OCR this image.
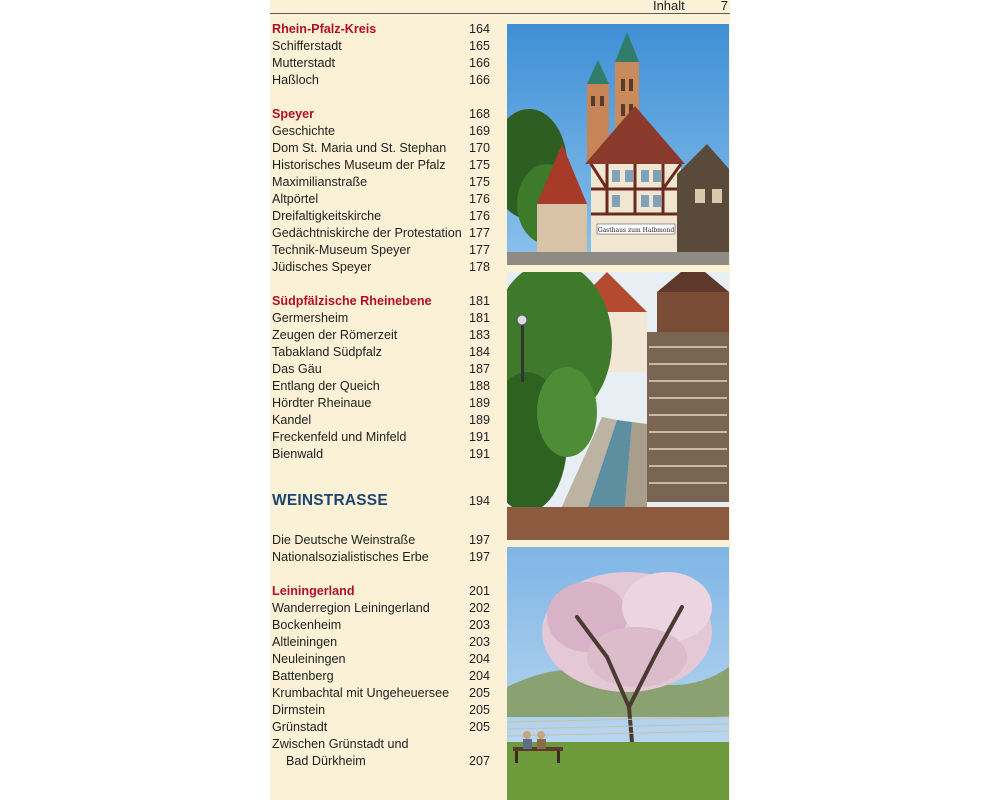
Inhalt	7
Rhein-Pfalz-Kreis	164
Schifferstadt	165
Mutterstadt	166
Haßloch	166
Speyer	168
Geschichte	169
Dom St. Maria und St. Stephan 170
Historisches Museum der Pfalz 175
Maximilianstraße	175
Altpörtel	176
Dreifaltigkeitskirche	176
Gedächtniskirche der Protestation 177
Technik-Museum Speyer	177
Jüdisches Speyer	178
Südpfälzische Rheinebene	181
Germersheim	181
Zeugen der Römerzeit	183
Tabakland Südpfalz	184
Das Gäu	187
Entlang der Queich	188
Hördter Rheinaue	189
Kandel	189
Freckenfeld und Minfeld	191
Bienwald	191
WEINSTRASSE	194
Die Deutsche Weinstraße	197
Nationalsozialistisches Erbe	197
Leiningerland	201
Wanderregion Leiningerland	202
Bockenheim	203
Altleiningen	203
Neuleiningen	204
Battenberg	204
Krumbachtal mit Ungeheuersee 205
Dirmstein	205
Grünstadt	205
Zwischen Grünstadt und
Bad Dürkheim	207
Gasthaus zum Halbmond
